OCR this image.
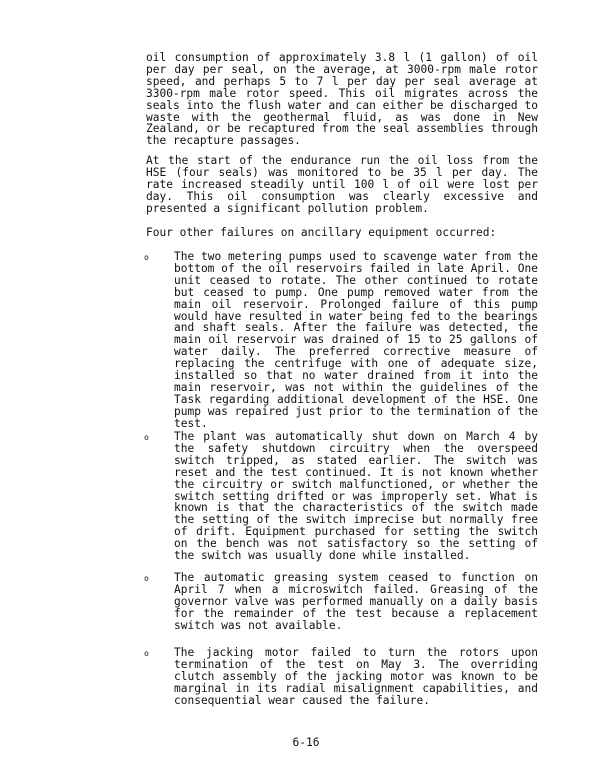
oil consumption of approximately 3.8 l (1 gallon) of oil per day per seal, on the average, at 3000-rpm male rotor speed, and perhaps 5 to 7 l per day per seal average at 3300-rpm male rotor speed. This oil migrates across the seals into the flush water and can either be discharged to waste with the geothermal fluid, as was done in New Zealand, or be recaptured from the seal assemblies through the recapture passages.

At the start of the endurance run the oil loss from the HSE (four seals) was monitored to be 35 l per day. The rate increased steadily until 100 l of oil were lost per day. This oil consumption was clearly excessive and presented a significant pollution problem.

Four other failures on ancillary equipment occurred:

o The two metering pumps used to scavenge water from the bottom of the oil reservoirs failed in late April. One unit ceased to rotate. The other continued to rotate but ceased to pump. One pump removed water from the main oil reservoir. Prolonged failure of this pump would have resulted in water being fed to the bearings and shaft seals. After the failure was detected, the main oil reservoir was drained of 15 to 25 gallons of water daily. The preferred corrective measure of replacing the centrifuge with one of adequate size, installed so that no water drained from it into the main reservoir, was not within the guidelines of the Task regarding additional development of the HSE. One pump was repaired just prior to the termination of the test.

o The plant was automatically shut down on March 4 by the safety shutdown circuitry when the overspeed switch tripped, as stated earlier. The switch was reset and the test continued. It is not known whether the circuitry or switch malfunctioned, or whether the switch setting drifted or was improperly set. What is known is that the characteristics of the switch made the setting of the switch imprecise but normally free of drift. Equipment purchased for setting the switch on the bench was not satisfactory so the setting of the switch was usually done while installed.

o The automatic greasing system ceased to function on April 7 when a microswitch failed. Greasing of the governor valve was performed manually on a daily basis for the remainder of the test because a replacement switch was not available.

o The jacking motor failed to turn the rotors upon termination of the test on May 3. The overriding clutch assembly of the jacking motor was known to be marginal in its radial misalignment capabilities, and consequential wear caused the failure.

6-16
